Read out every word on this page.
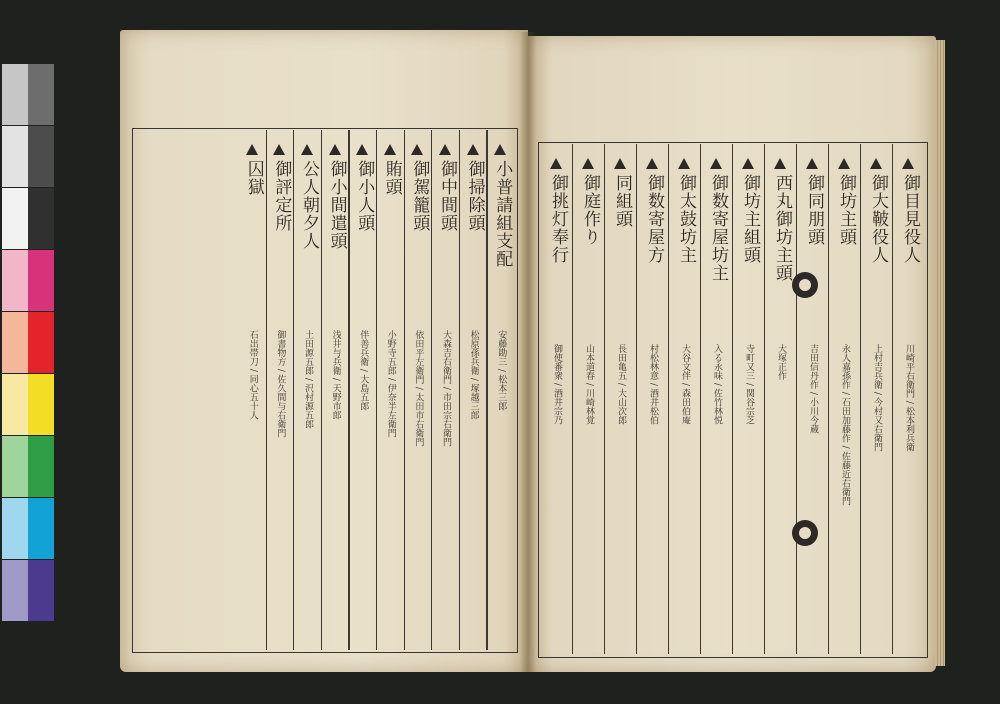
小普請組支配
安藤勘三 / 松本三郎
御掃除頭
松原孫兵衛 / 塚越三郎
御中間頭
大森吉右衛門 / 市田宗右衛門
御駕籠頭
依田平左衛門 / 太田市右衛門
賄頭
小野寺五郎 / 伊奈半左衛門
御小人頭
伴善兵衛 / 大島五郎
御小間遣頭
浅井与兵衛 / 天野市郎
公人朝夕人
土田源五郎 / 沢村源五郎
御評定所
御書物方 / 佐久間与右衛門
囚獄
石出帯刀 / 同心五十人
御目見役人
川崎平右衛門 / 松本利兵衛
御大鞁役人
上村吉兵衛 / 今村又右衛門
御坊主頭
永人嘉孫作 / 石田加藤作 / 佐藤近右衛門
御同朋頭
吉田信丹作 / 小川今蔵
西丸御坊主頭
大塚正作
御坊主組頭
寺町又三 / 関谷宗芝
御数寄屋坊主
入る永味 / 佐竹林悦
御太鼓坊主
大谷文伴 / 森田伯庵
御数寄屋方
村松林意 / 酒井松伯
同組頭
長田亀五 / 大山次郎
御庭作り
山本道春 / 川崎林覚
御挑灯奉行
御使番衆 / 酒井宗乃
